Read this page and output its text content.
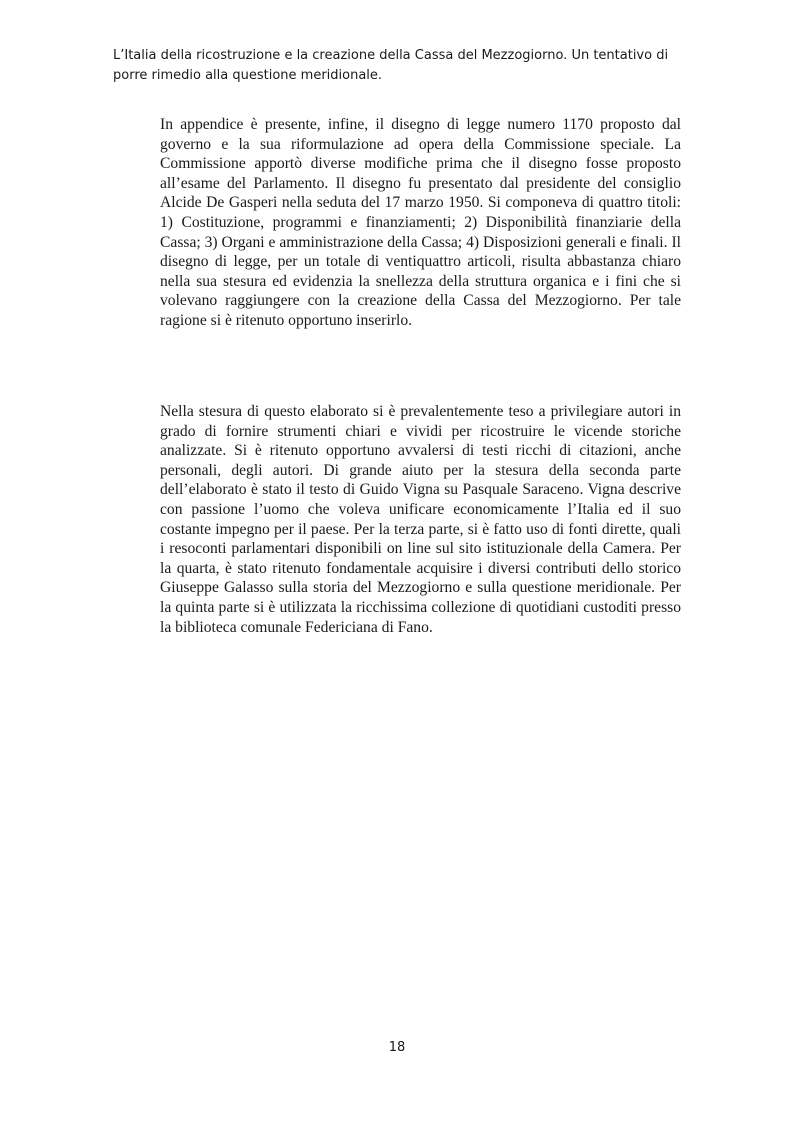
L’Italia della ricostruzione e la creazione della Cassa del Mezzogiorno. Un tentativo di porre rimedio alla questione meridionale.

In appendice è presente, infine, il disegno di legge numero 1170 proposto dal governo e la sua riformulazione ad opera della Commissione speciale. La Commissione apportò diverse modifiche prima che il disegno fosse proposto all’esame del Parlamento. Il disegno fu presentato dal presidente del consiglio Alcide De Gasperi nella seduta del 17 marzo 1950. Si componeva di quattro titoli: 1) Costituzione, programmi e finanziamenti; 2) Disponibilità finanziarie della Cassa; 3) Organi e amministrazione della Cassa; 4) Disposizioni generali e finali. Il disegno di legge, per un totale di ventiquattro articoli, risulta abbastanza chiaro nella sua stesura ed evidenzia la snellezza della struttura organica e i fini che si volevano raggiungere con la creazione della Cassa del Mezzogiorno. Per tale ragione si è ritenuto opportuno inserirlo.

Nella stesura di questo elaborato si è prevalentemente teso a privilegiare autori in grado di fornire strumenti chiari e vividi per ricostruire le vicende storiche analizzate. Si è ritenuto opportuno avvalersi di testi ricchi di citazioni, anche personali, degli autori. Di grande aiuto per la stesura della seconda parte dell’elaborato è stato il testo di Guido Vigna su Pasquale Saraceno. Vigna descrive con passione l’uomo che voleva unificare economicamente l’Italia ed il suo costante impegno per il paese. Per la terza parte, si è fatto uso di fonti dirette, quali i resoconti parlamentari disponibili on line sul sito istituzionale della Camera. Per la quarta, è stato ritenuto fondamentale acquisire i diversi contributi dello storico Giuseppe Galasso sulla storia del Mezzogiorno e sulla questione meridionale. Per la quinta parte si è utilizzata la ricchissima collezione di quotidiani custoditi presso la biblioteca comunale Federiciana di Fano.

18
